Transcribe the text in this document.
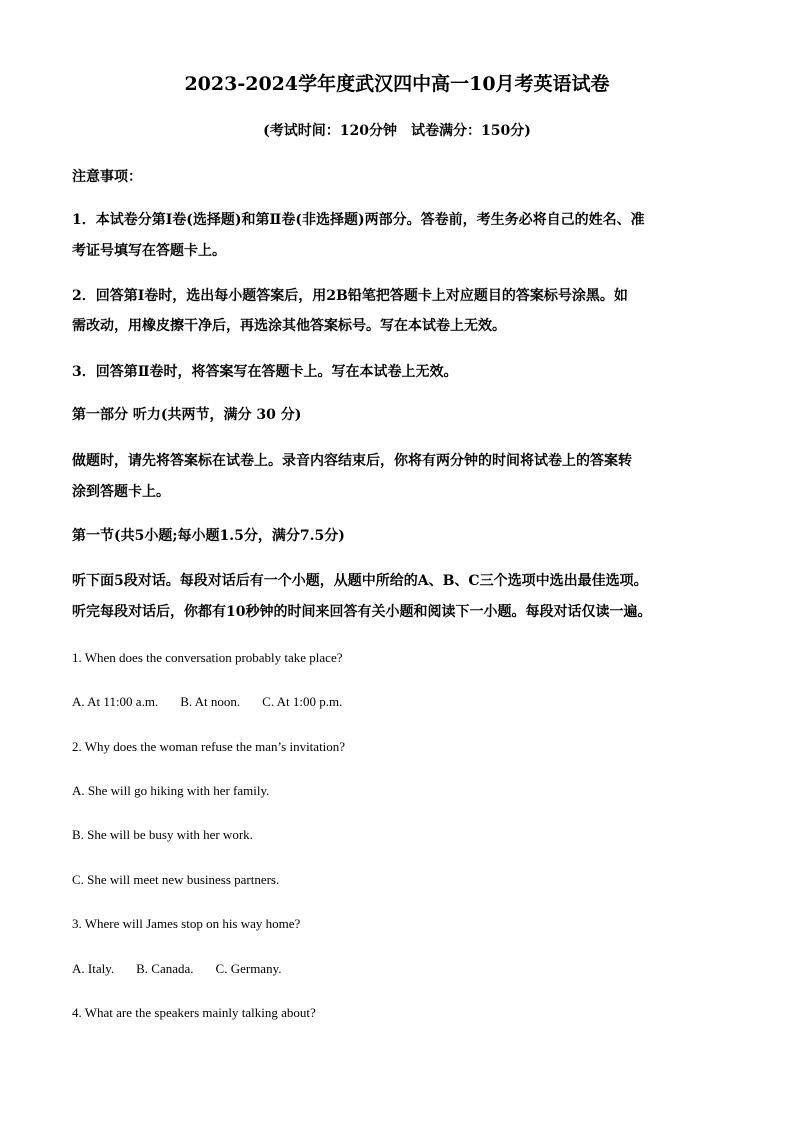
2023-2024学年度武汉四中高一10月考英语试卷
(考试时间：120分钟　试卷满分：150分)
注意事项：
1．本试卷分第Ⅰ卷(选择题)和第Ⅱ卷(非选择题)两部分。答卷前，考生务必将自己的姓名、准
考证号填写在答题卡上。
2．回答第Ⅰ卷时，选出每小题答案后，用2B铅笔把答题卡上对应题目的答案标号涂黑。如
需改动，用橡皮擦干净后，再选涂其他答案标号。写在本试卷上无效。
3．回答第Ⅱ卷时，将答案写在答题卡上。写在本试卷上无效。
第一部分 听力(共两节，满分 30 分)
做题时，请先将答案标在试卷上。录音内容结束后，你将有两分钟的时间将试卷上的答案转
涂到答题卡上。
第一节(共5小题;每小题1.5分，满分7.5分)
听下面5段对话。每段对话后有一个小题，从题中所给的A、B、C三个选项中选出最佳选项。
听完每段对话后，你都有10秒钟的时间来回答有关小题和阅读下一小题。每段对话仅读一遍。
1. When does the conversation probably take place?
A. At 11:00 a.m. B. At noon. C. At 1:00 p.m.
2. Why does the woman refuse the man’s invitation?
A. She will go hiking with her family.
B. She will be busy with her work.
C. She will meet new business partners.
3. Where will James stop on his way home?
A. Italy. B. Canada. C. Germany.
4. What are the speakers mainly talking about?
